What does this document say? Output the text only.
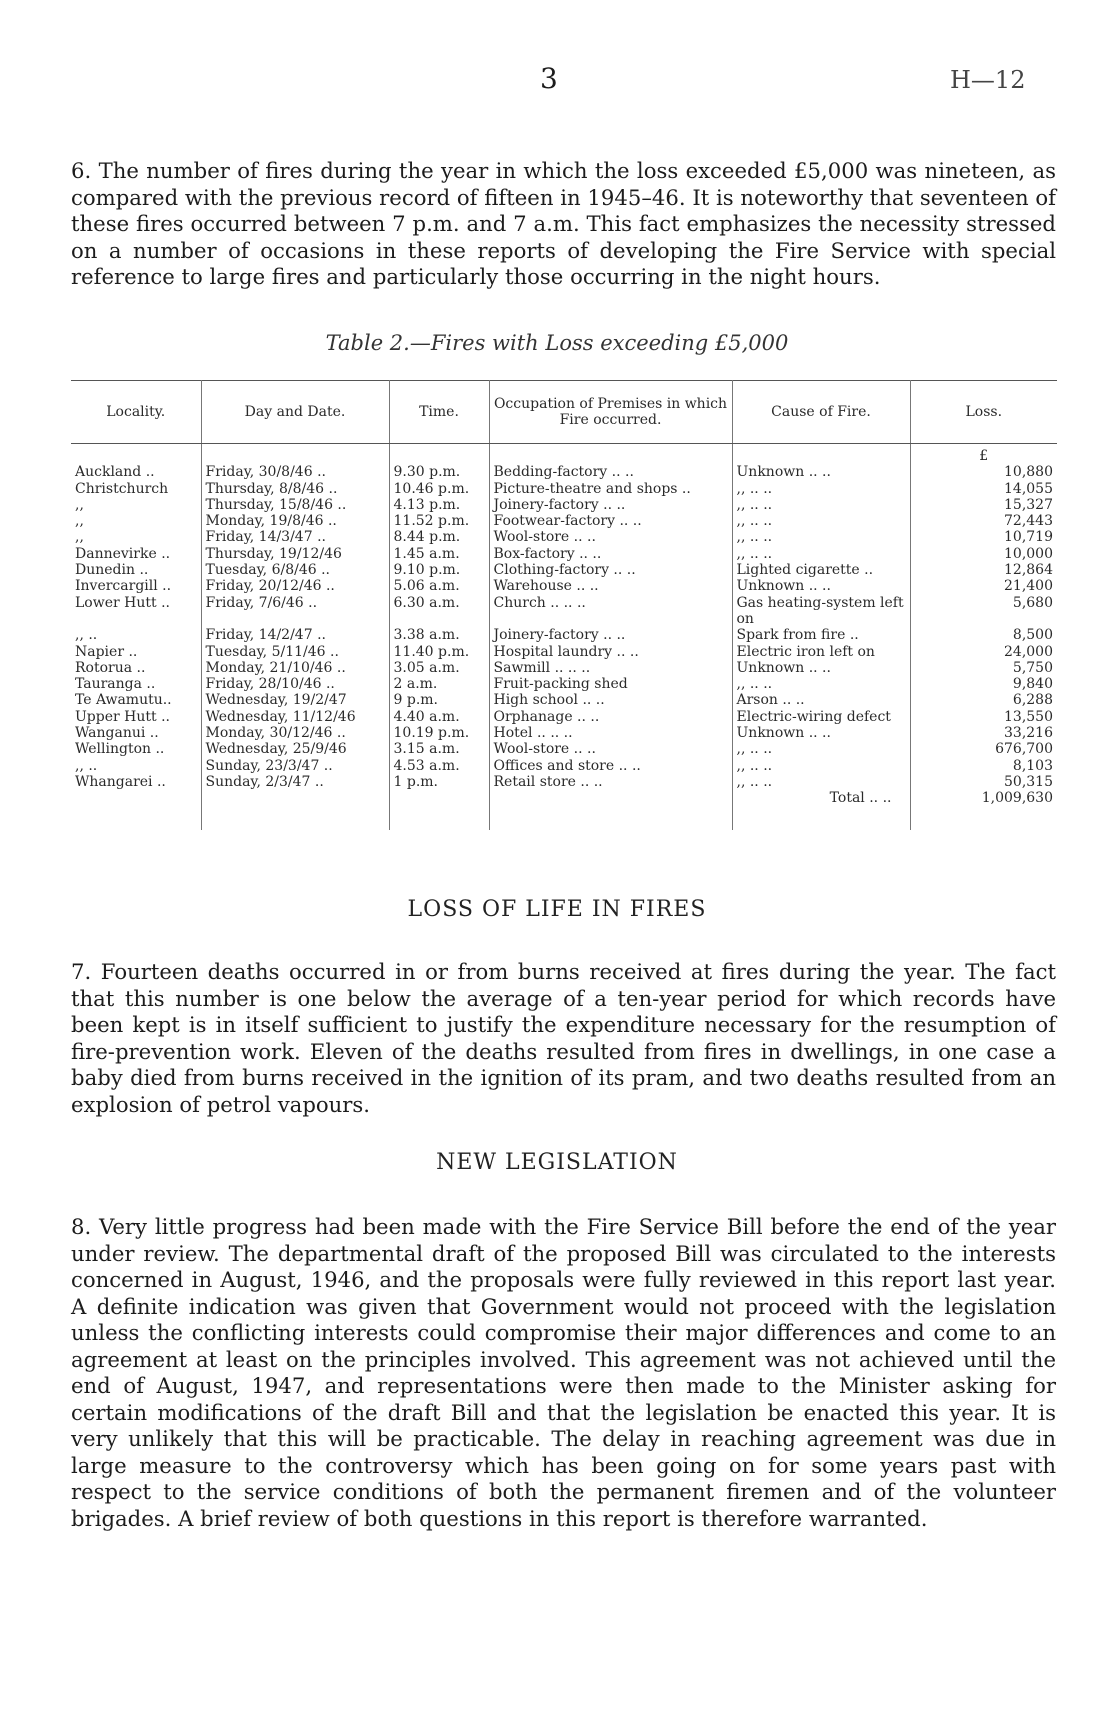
3	H—12

6. The number of fires during the year in which the loss exceeded £5,000 was nineteen, as compared with the previous record of fifteen in 1945–46. It is noteworthy that seventeen of these fires occurred between 7 p.m. and 7 a.m. This fact emphasizes the necessity stressed on a number of occasions in these reports of developing the Fire Service with special reference to large fires and particularly those occurring in the night hours.

Table 2.—Fires with Loss exceeding £5,000
Locality.	Day and Date.	Time.	Occupation of Premises in which Fire occurred.	Cause of Fire.	Loss.
					£
Auckland ..	Friday, 30/8/46 ..	9.30 p.m.	Bedding-factory .. ..	Unknown .. ..	10,880
Christchurch	Thursday, 8/8/46 ..	10.46 p.m.	Picture-theatre and shops ..	,, .. ..	14,055
,,	Thursday, 15/8/46 ..	4.13 p.m.	Joinery-factory .. ..	,, .. ..	15,327
,,	Monday, 19/8/46 ..	11.52 p.m.	Footwear-factory .. ..	,, .. ..	72,443
,,	Friday, 14/3/47 ..	8.44 p.m.	Wool-store .. ..	,, .. ..	10,719
Dannevirke ..	Thursday, 19/12/46	1.45 a.m.	Box-factory .. ..	,, .. ..	10,000
Dunedin ..	Tuesday, 6/8/46 ..	9.10 p.m.	Clothing-factory .. ..	Lighted cigarette ..	12,864
Invercargill ..	Friday, 20/12/46 ..	5.06 a.m.	Warehouse .. ..	Unknown .. ..	21,400
Lower Hutt ..	Friday, 7/6/46 ..	6.30 a.m.	Church .. .. ..	Gas heating-system left on	5,680
,, ..	Friday, 14/2/47 ..	3.38 a.m.	Joinery-factory .. ..	Spark from fire ..	8,500
Napier ..	Tuesday, 5/11/46 ..	11.40 p.m.	Hospital laundry .. ..	Electric iron left on	24,000
Rotorua ..	Monday, 21/10/46 ..	3.05 a.m.	Sawmill .. .. ..	Unknown .. ..	5,750
Tauranga ..	Friday, 28/10/46 ..	2 a.m.	Fruit-packing shed	,, .. ..	9,840
Te Awamutu..	Wednesday, 19/2/47	9 p.m.	High school .. ..	Arson .. ..	6,288
Upper Hutt ..	Wednesday, 11/12/46	4.40 a.m.	Orphanage .. ..	Electric-wiring defect	13,550
Wanganui ..	Monday, 30/12/46 ..	10.19 p.m.	Hotel .. .. ..	Unknown .. ..	33,216
Wellington ..	Wednesday, 25/9/46	3.15 a.m.	Wool-store .. ..	,, .. ..	676,700
,, ..	Sunday, 23/3/47 ..	4.53 a.m.	Offices and store .. ..	,, .. ..	8,103
Whangarei ..	Sunday, 2/3/47 ..	1 p.m.	Retail store .. ..	,, .. ..	50,315
				Total .. ..	1,009,630
LOSS OF LIFE IN FIRES

7. Fourteen deaths occurred in or from burns received at fires during the year. The fact that this number is one below the average of a ten-year period for which records have been kept is in itself sufficient to justify the expenditure necessary for the resumption of fire-prevention work. Eleven of the deaths resulted from fires in dwellings, in one case a baby died from burns received in the ignition of its pram, and two deaths resulted from an explosion of petrol vapours.

NEW LEGISLATION

8. Very little progress had been made with the Fire Service Bill before the end of the year under review. The departmental draft of the proposed Bill was circulated to the interests concerned in August, 1946, and the proposals were fully reviewed in this report last year. A definite indication was given that Government would not proceed with the legislation unless the conflicting interests could compromise their major differences and come to an agreement at least on the principles involved. This agreement was not achieved until the end of August, 1947, and representations were then made to the Minister asking for certain modifications of the draft Bill and that the legislation be enacted this year. It is very unlikely that this will be practicable. The delay in reaching agreement was due in large measure to the controversy which has been going on for some years past with respect to the service conditions of both the permanent firemen and of the volunteer brigades. A brief review of both questions in this report is therefore warranted.
